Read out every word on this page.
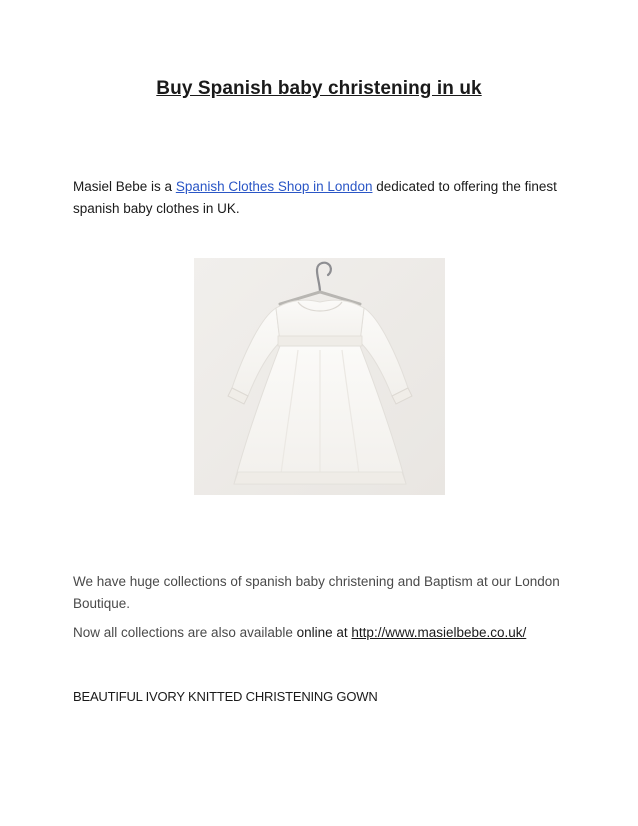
Buy Spanish baby christening in uk
Masiel Bebe is a Spanish Clothes Shop in London dedicated to offering the finest spanish baby clothes in UK.
We have huge collections of spanish baby christening and Baptism at our London Boutique.
Now all collections are also available online at http://www.masielbebe.co.uk/
BEAUTIFUL IVORY KNITTED CHRISTENING GOWN
